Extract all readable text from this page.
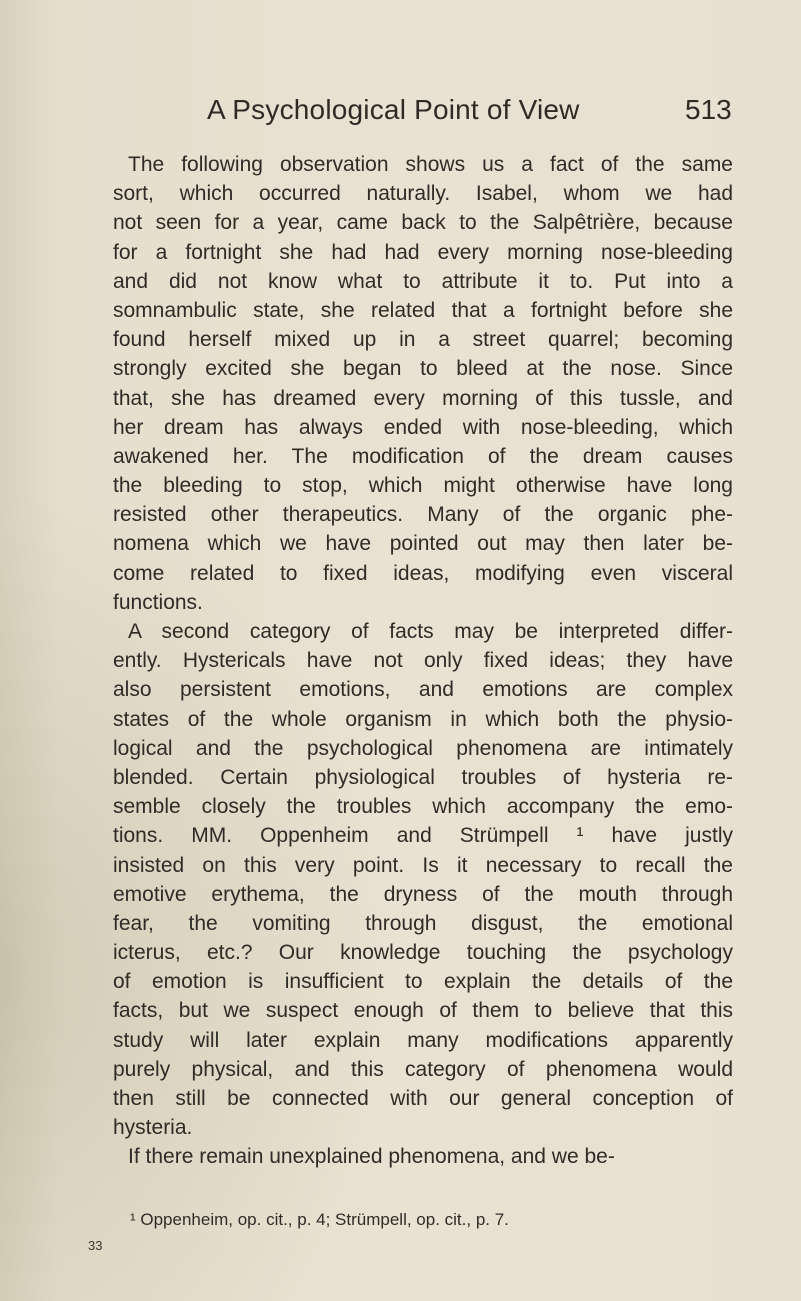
A Psychological Point of View	513
The following observation shows us a fact of the same
sort, which occurred naturally. Isabel, whom we had
not seen for a year, came back to the Salpêtrière, because
for a fortnight she had had every morning nose-bleeding
and did not know what to attribute it to. Put into a
somnambulic state, she related that a fortnight before she
found herself mixed up in a street quarrel; becoming
strongly excited she began to bleed at the nose. Since
that, she has dreamed every morning of this tussle, and
her dream has always ended with nose-bleeding, which
awakened her. The modification of the dream causes
the bleeding to stop, which might otherwise have long
resisted other therapeutics. Many of the organic phe-
nomena which we have pointed out may then later be-
come related to fixed ideas, modifying even visceral
functions.
A second category of facts may be interpreted differ-
ently. Hystericals have not only fixed ideas; they have
also persistent emotions, and emotions are complex
states of the whole organism in which both the physio-
logical and the psychological phenomena are intimately
blended. Certain physiological troubles of hysteria re-
semble closely the troubles which accompany the emo-
tions. MM. Oppenheim and Strümpell ¹ have justly
insisted on this very point. Is it necessary to recall the
emotive erythema, the dryness of the mouth through
fear, the vomiting through disgust, the emotional
icterus, etc.? Our knowledge touching the psychology
of emotion is insufficient to explain the details of the
facts, but we suspect enough of them to believe that this
study will later explain many modifications apparently
purely physical, and this category of phenomena would
then still be connected with our general conception of
hysteria.
If there remain unexplained phenomena, and we be-
¹ Oppenheim, op. cit., p. 4; Strümpell, op. cit., p. 7.
33
